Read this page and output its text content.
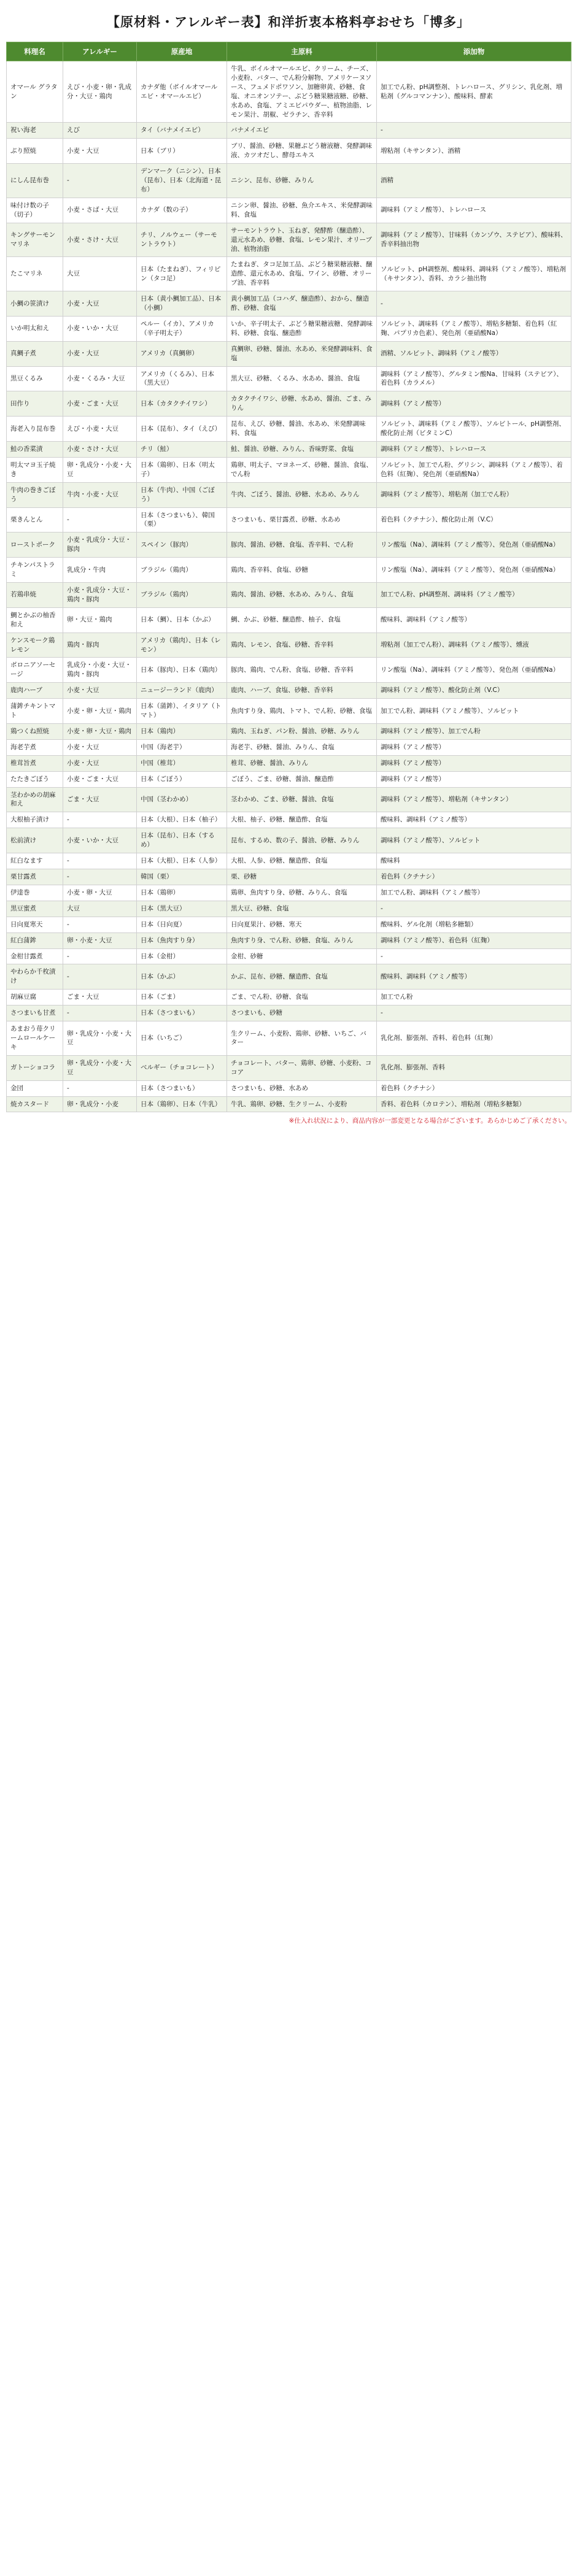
【原材料・アレルギー表】和洋折衷本格料亭おせち「博多」
料理名	アレルギー	原産地	主原料	添加物
オマール グラタン	えび・小麦・卵・乳成分・大豆・鶏肉	カナダ他（ボイルオマールエビ・オマールエビ）	牛乳、ボイルオマールエビ、クリーム、チーズ、小麦粉、バター、でん粉分解物、アメリケーヌソース、フュメドポワソン、加糖卵黄、砂糖、食塩、オニオンソテー、ぶどう糖果糖液糖、砂糖、水あめ、食塩、アミエビパウダー、植物油脂、レモン果汁、胡椒、ゼラチン、香辛料	加工でん粉、pH調整剤、トレハロース、グリシン、乳化剤、増粘剤（グルコマンナン）、酸味料、酵素
祝い海老	えび	タイ（バナメイエビ）	バナメイエビ	-
ぶり照焼	小麦・大豆	日本（ブリ）	ブリ、醤油、砂糖、果糖ぶどう糖液糖、発酵調味液、カツオだし、酵母エキス	増粘剤（キサンタン）、酒精
にしん昆布巻	-	デンマーク（ニシン）、日本（昆布）、日本（北海道・昆布）	ニシン、昆布、砂糖、みりん	酒精
味付け数の子（切子）	小麦・さば・大豆	カナダ（数の子）	ニシン卵、醤油、砂糖、魚介エキス、米発酵調味料、食塩	調味料（アミノ酸等）、トレハロース
キングサーモンマリネ	小麦・さけ・大豆	チリ、ノルウェー（サーモントラウト）	サーモントラウト、玉ねぎ、発酵酢（醸造酢）、還元水あめ、砂糖、食塩、レモン果汁、オリーブ油、植物油脂	調味料（アミノ酸等）、甘味料（カンゾウ、ステビア）、酸味料、香辛料抽出物
たこマリネ	大豆	日本（たまねぎ）、フィリピン（タコ足）	たまねぎ、タコ足加工品、ぶどう糖果糖液糖、醸造酢、還元水あめ、食塩、ワイン、砂糖、オリーブ油、香辛料	ソルビット、pH調整剤、酸味料、調味料（アミノ酸等）、増粘剤（キサンタン）、香料、カラシ抽出物
小鯛の笹漬け	小麦・大豆	日本（黄小鯛加工品）、日本（小鯛）	黄小鯛加工品（コハダ、醸造酢）、おから、醸造酢、砂糖、食塩	-
いか明太和え	小麦・いか・大豆	ペルー（イカ）、アメリカ（辛子明太子）	いか、辛子明太子、ぶどう糖果糖液糖、発酵調味料、砂糖、食塩、醸造酢	ソルビット、調味料（アミノ酸等）、増粘多糖類、着色料（紅麹、パプリカ色素）、発色剤（亜硝酸Na）
真鯛子煮	小麦・大豆	アメリカ（真鯛卵）	真鯛卵、砂糖、醤油、水あめ、米発酵調味料、食塩	酒精、ソルビット、調味料（アミノ酸等）
黒豆くるみ	小麦・くるみ・大豆	アメリカ（くるみ）、日本（黒大豆）	黒大豆、砂糖、くるみ、水あめ、醤油、食塩	調味料（アミノ酸等）、グルタミン酸Na、甘味料（ステビア）、着色料（カラメル）
田作り	小麦・ごま・大豆	日本（カタクチイワシ）	カタクチイワシ、砂糖、水あめ、醤油、ごま、みりん	調味料（アミノ酸等）
海老入り昆布巻	えび・小麦・大豆	日本（昆布）、タイ（えび）	昆布、えび、砂糖、醤油、水あめ、米発酵調味料、食塩	ソルビット、調味料（アミノ酸等）、ソルビトール、pH調整剤、酸化防止剤（ビタミンC）
鮭の香菜漬	小麦・さけ・大豆	チリ（鮭）	鮭、醤油、砂糖、みりん、香味野菜、食塩	調味料（アミノ酸等）、トレハロース
明太マヨ玉子焼き	卵・乳成分・小麦・大豆	日本（鶏卵）、日本（明太子）	鶏卵、明太子、マヨネーズ、砂糖、醤油、食塩、でん粉	ソルビット、加工でん粉、グリシン、調味料（アミノ酸等）、着色料（紅麹）、発色剤（亜硝酸Na）
牛肉の巻きごぼう	牛肉・小麦・大豆	日本（牛肉）、中国（ごぼう）	牛肉、ごぼう、醤油、砂糖、水あめ、みりん	調味料（アミノ酸等）、増粘剤（加工でん粉）
栗きんとん	-	日本（さつまいも）、韓国（栗）	さつまいも、栗甘露煮、砂糖、水あめ	着色料（クチナシ）、酸化防止剤（V.C）
ローストポーク	小麦・乳成分・大豆・豚肉	スペイン（豚肉）	豚肉、醤油、砂糖、食塩、香辛料、でん粉	リン酸塩（Na）、調味料（アミノ酸等）、発色剤（亜硝酸Na）
チキンパストラミ	乳成分・牛肉	ブラジル（鶏肉）	鶏肉、香辛料、食塩、砂糖	リン酸塩（Na）、調味料（アミノ酸等）、発色剤（亜硝酸Na）
若鶏串焼	小麦・乳成分・大豆・鶏肉・豚肉	ブラジル（鶏肉）	鶏肉、醤油、砂糖、水あめ、みりん、食塩	加工でん粉、pH調整剤、調味料（アミノ酸等）
鯛とかぶの柚香和え	卵・大豆・鶏肉	日本（鯛）、日本（かぶ）	鯛、かぶ、砂糖、醸造酢、柚子、食塩	酸味料、調味料（アミノ酸等）
ケンスモーク鶏レモン	鶏肉・豚肉	アメリカ（鶏肉）、日本（レモン）	鶏肉、レモン、食塩、砂糖、香辛料	増粘剤（加工でん粉）、調味料（アミノ酸等）、燻液
ボロニアソーセージ	乳成分・小麦・大豆・鶏肉・豚肉	日本（豚肉）、日本（鶏肉）	豚肉、鶏肉、でん粉、食塩、砂糖、香辛料	リン酸塩（Na）、調味料（アミノ酸等）、発色剤（亜硝酸Na）
鹿肉ハーブ	小麦・大豆	ニュージーランド（鹿肉）	鹿肉、ハーブ、食塩、砂糖、香辛料	調味料（アミノ酸等）、酸化防止剤（V.C）
蒲鉾チキントマト	小麦・卵・大豆・鶏肉	日本（蒲鉾）、イタリア（トマト）	魚肉すり身、鶏肉、トマト、でん粉、砂糖、食塩	加工でん粉、調味料（アミノ酸等）、ソルビット
鶏つくね照焼	小麦・卵・大豆・鶏肉	日本（鶏肉）	鶏肉、玉ねぎ、パン粉、醤油、砂糖、みりん	調味料（アミノ酸等）、加工でん粉
海老芋煮	小麦・大豆	中国（海老芋）	海老芋、砂糖、醤油、みりん、食塩	調味料（アミノ酸等）
椎茸旨煮	小麦・大豆	中国（椎茸）	椎茸、砂糖、醤油、みりん	調味料（アミノ酸等）
たたきごぼう	小麦・ごま・大豆	日本（ごぼう）	ごぼう、ごま、砂糖、醤油、醸造酢	調味料（アミノ酸等）
茎わかめの胡麻和え	ごま・大豆	中国（茎わかめ）	茎わかめ、ごま、砂糖、醤油、食塩	調味料（アミノ酸等）、増粘剤（キサンタン）
大根柚子漬け	-	日本（大根）、日本（柚子）	大根、柚子、砂糖、醸造酢、食塩	酸味料、調味料（アミノ酸等）
松前漬け	小麦・いか・大豆	日本（昆布）、日本（するめ）	昆布、するめ、数の子、醤油、砂糖、みりん	調味料（アミノ酸等）、ソルビット
紅白なます	-	日本（大根）、日本（人参）	大根、人参、砂糖、醸造酢、食塩	酸味料
栗甘露煮	-	韓国（栗）	栗、砂糖	着色料（クチナシ）
伊達巻	小麦・卵・大豆	日本（鶏卵）	鶏卵、魚肉すり身、砂糖、みりん、食塩	加工でん粉、調味料（アミノ酸等）
黒豆蜜煮	大豆	日本（黒大豆）	黒大豆、砂糖、食塩	-
日向夏寒天	-	日本（日向夏）	日向夏果汁、砂糖、寒天	酸味料、ゲル化剤（増粘多糖類）
紅白蒲鉾	卵・小麦・大豆	日本（魚肉すり身）	魚肉すり身、でん粉、砂糖、食塩、みりん	調味料（アミノ酸等）、着色料（紅麹）
金柑甘露煮	-	日本（金柑）	金柑、砂糖	-
やわらか千枚漬け	-	日本（かぶ）	かぶ、昆布、砂糖、醸造酢、食塩	酸味料、調味料（アミノ酸等）
胡麻豆腐	ごま・大豆	日本（ごま）	ごま、でん粉、砂糖、食塩	加工でん粉
さつまいも甘煮	-	日本（さつまいも）	さつまいも、砂糖	-
あまおう苺クリームロールケーキ	卵・乳成分・小麦・大豆	日本（いちご）	生クリーム、小麦粉、鶏卵、砂糖、いちご、バター	乳化剤、膨張剤、香料、着色料（紅麹）
ガトーショコラ	卵・乳成分・小麦・大豆	ベルギー（チョコレート）	チョコレート、バター、鶏卵、砂糖、小麦粉、ココア	乳化剤、膨張剤、香料
金団	-	日本（さつまいも）	さつまいも、砂糖、水あめ	着色料（クチナシ）
焼カスタード	卵・乳成分・小麦	日本（鶏卵）、日本（牛乳）	牛乳、鶏卵、砂糖、生クリーム、小麦粉	香料、着色料（カロテン）、増粘剤（増粘多糖類）
※仕入れ状況により、商品内容が一部変更となる場合がございます。あらかじめご了承ください。
